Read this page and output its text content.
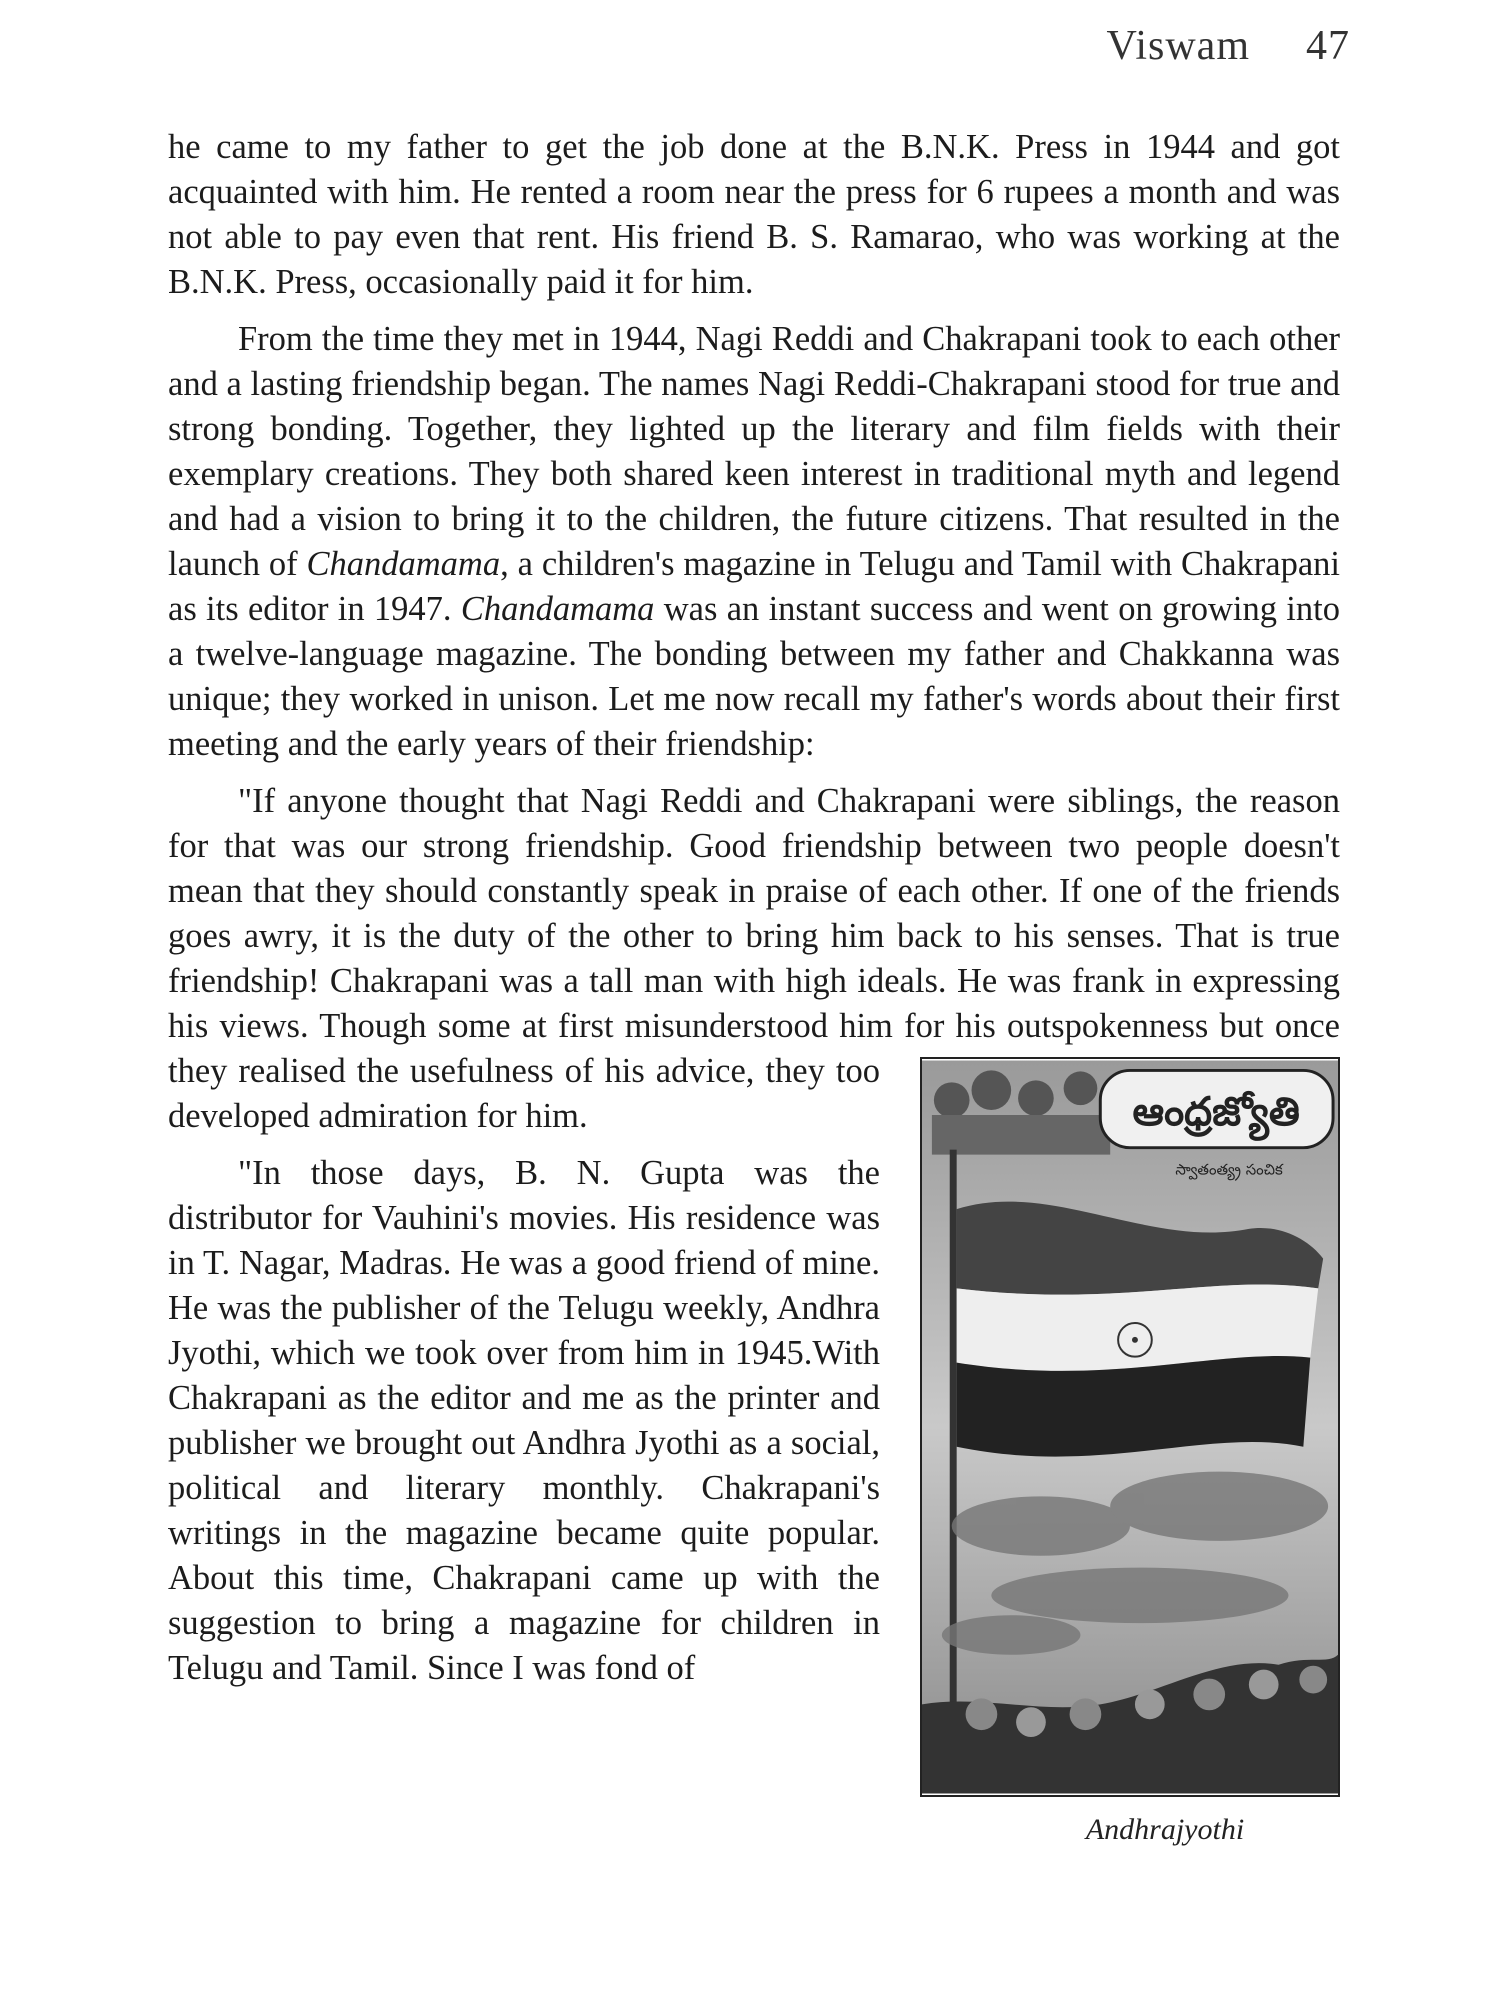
Viswam 47

he came to my father to get the job done at the B.N.K. Press in 1944 and got acquainted with him. He rented a room near the press for 6 rupees a month and was not able to pay even that rent. His friend B. S. Ramarao, who was working at the B.N.K. Press, occasionally paid it for him.

From the time they met in 1944, Nagi Reddi and Chakrapani took to each other and a lasting friendship began. The names Nagi Reddi-Chakrapani stood for true and strong bonding. Together, they lighted up the literary and film fields with their exemplary creations. They both shared keen interest in traditional myth and legend and had a vision to bring it to the children, the future citizens. That resulted in the launch of Chandamama, a children's magazine in Telugu and Tamil with Chakrapani as its editor in 1947. Chandamama was an instant success and went on growing into a twelve-language magazine. The bonding between my father and Chakkanna was unique; they worked in unison. Let me now recall my father's words about their first meeting and the early years of their friendship:

"If anyone thought that Nagi Reddi and Chakrapani were siblings, the reason for that was our strong friendship. Good friendship between two people doesn't mean that they should constantly speak in praise of each other. If one of the friends goes awry, it is the duty of the other to bring him back to his senses. That is true friendship! Chakrapani was a tall man with high ideals. He was frank in expressing his views. Though some at first misunderstood him for his outspokenness but
ఆంధ్రజ్యోతి
స్వాతంత్య్ర సంచిక
Andhrajyothi
once they realised the usefulness of his advice, they too developed admiration for him.

"In those days, B. N. Gupta was the distributor for Vauhini's movies. His residence was in T. Nagar, Madras. He was a good friend of mine. He was the publisher of the Telugu weekly, Andhra Jyothi, which we took over from him in 1945.With Chakrapani as the editor and me as the printer and publisher we brought out Andhra Jyothi as a social, political and literary monthly. Chakrapani's writings in the magazine became quite popular. About this time, Chakrapani came up with the suggestion to bring a magazine for children in Telugu and Tamil. Since I was fond of
